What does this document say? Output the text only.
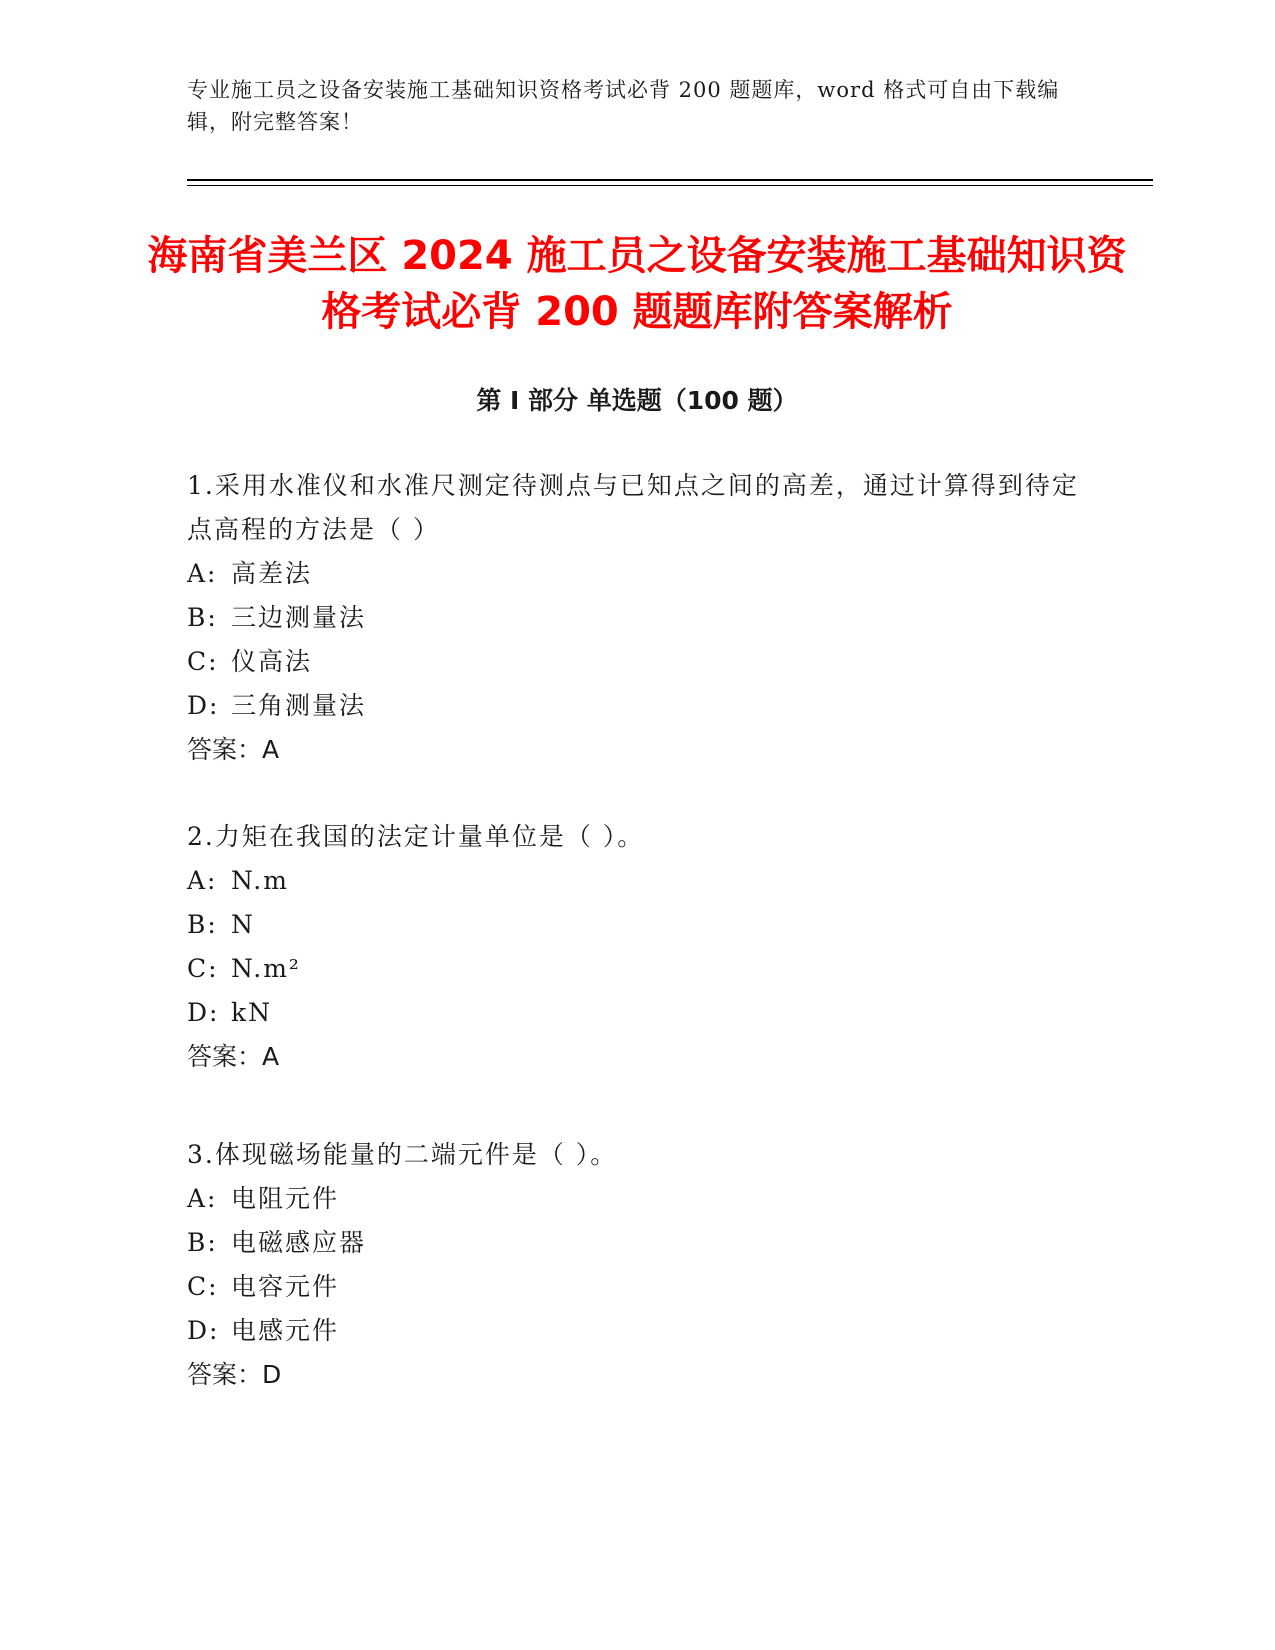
专业施工员之设备安装施工基础知识资格考试必背 200 题题库，word 格式可自由下载编辑，附完整答案！

海南省美兰区 2024 施工员之设备安装施工基础知识资格考试必背 200 题题库附答案解析
第 I 部分 单选题（100 题）

1.采用水准仪和水准尺测定待测点与已知点之间的高差，通过计算得到待定点高程的方法是（ ）

A: 高差法

B: 三边测量法

C: 仪高法

D: 三角测量法

答案：A

2.力矩在我国的法定计量单位是（ ）。

A: N.m

B: N

C: N.m²

D: kN

答案：A

3.体现磁场能量的二端元件是（ ）。

A: 电阻元件

B: 电磁感应器

C: 电容元件

D: 电感元件

答案：D
